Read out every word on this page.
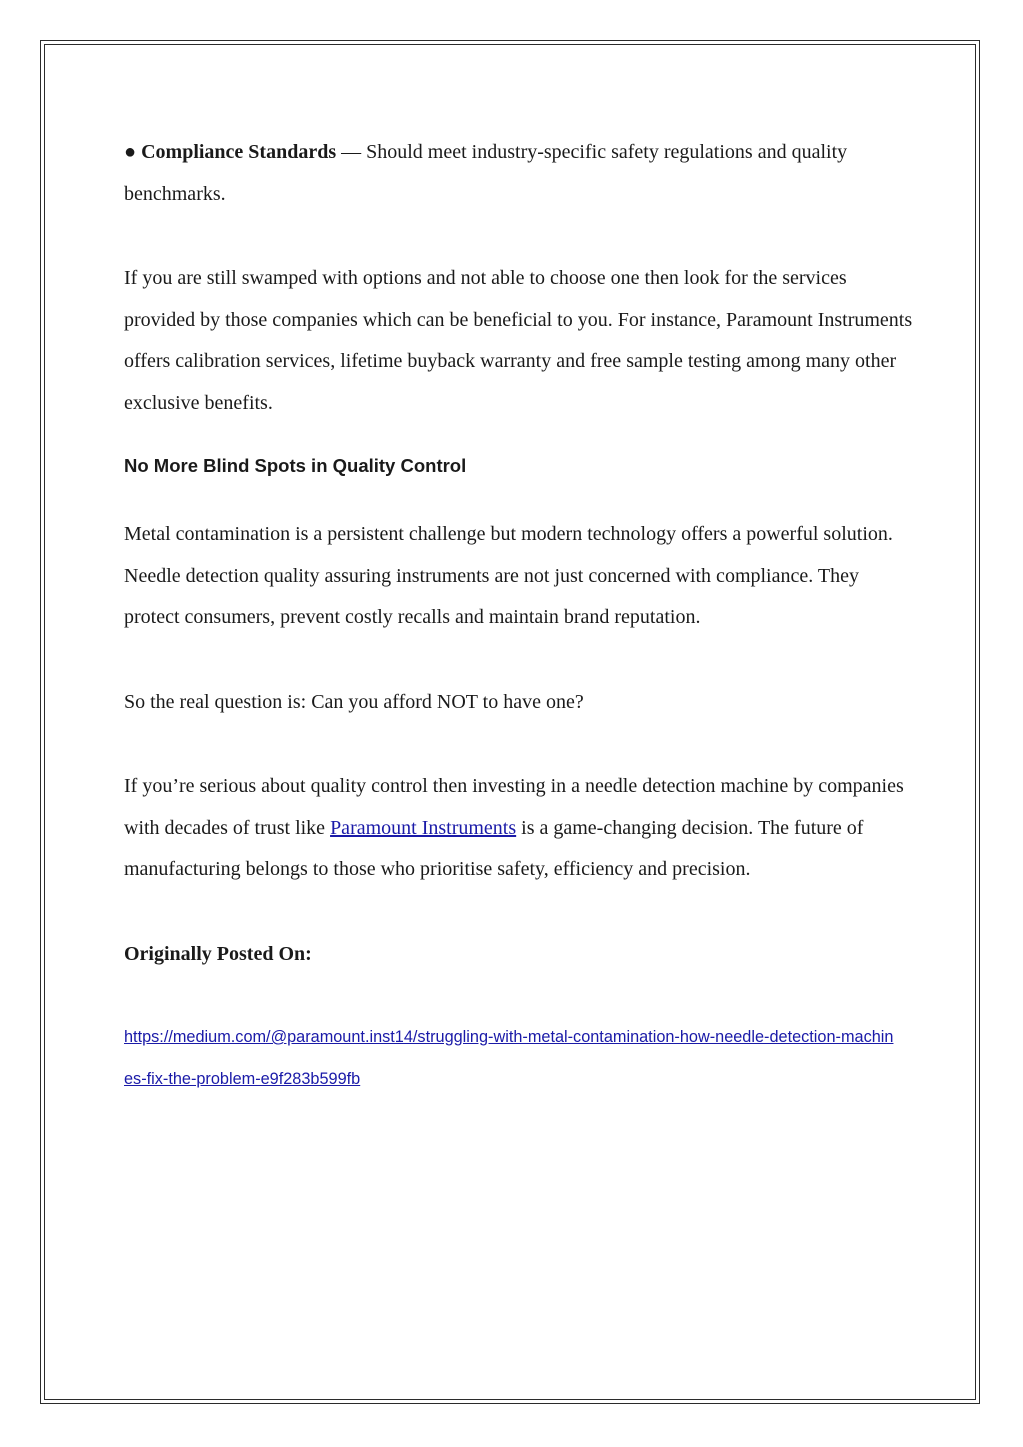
● Compliance Standards — Should meet industry-specific safety regulations and quality benchmarks.

If you are still swamped with options and not able to choose one then look for the services provided by those companies which can be beneficial to you. For instance, Paramount Instruments offers calibration services, lifetime buyback warranty and free sample testing among many other exclusive benefits.

No More Blind Spots in Quality Control

Metal contamination is a persistent challenge but modern technology offers a powerful solution. Needle detection quality assuring instruments are not just concerned with compliance. They protect consumers, prevent costly recalls and maintain brand reputation.

So the real question is: Can you afford NOT to have one?

If you’re serious about quality control then investing in a needle detection machine by companies with decades of trust like Paramount Instruments is a game-changing decision. The future of manufacturing belongs to those who prioritise safety, efficiency and precision.

Originally Posted On:

https://medium.com/@paramount.inst14/struggling-with-metal-contamination-how-needle-detection-machines-fix-the-problem-e9f283b599fb
